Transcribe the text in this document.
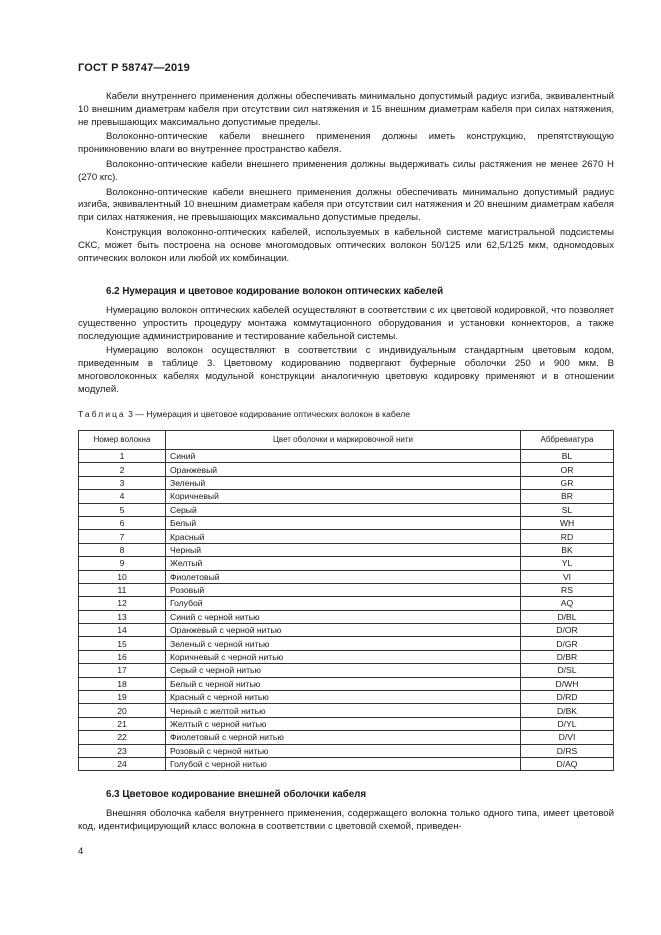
ГОСТ Р 58747—2019

Кабели внутреннего применения должны обеспечивать минимально допустимый радиус изгиба, эквивалентный 10 внешним диаметрам кабеля при отсутствии сил натяжения и 15 внешним диаметрам кабеля при силах натяжения, не превышающих максимально допустимые пределы.

Волоконно-оптические кабели внешнего применения должны иметь конструкцию, препятствующую проникновению влаги во внутреннее пространство кабеля.

Волоконно-оптические кабели внешнего применения должны выдерживать силы растяжения не менее 2670 Н (270 кгс).

Волоконно-оптические кабели внешнего применения должны обеспечивать минимально допустимый радиус изгиба, эквивалентный 10 внешним диаметрам кабеля при отсутствии сил натяжения и 20 внешним диаметрам кабеля при силах натяжения, не превышающих максимально допустимые пределы.

Конструкция волоконно-оптических кабелей, используемых в кабельной системе магистральной подсистемы СКС, может быть построена на основе многомодовых оптических волокон 50/125 или 62,5/125 мкм, одномодовых оптических волокон или любой их комбинации.

6.2 Нумерация и цветовое кодирование волокон оптических кабелей

Нумерацию волокон оптических кабелей осуществляют в соответствии с их цветовой кодировкой, что позволяет существенно упростить процедуру монтажа коммутационного оборудования и установки коннекторов, а также последующие администрирование и тестирование кабельной системы.

Нумерацию волокон осуществляют в соответствии с индивидуальным стандартным цветовым кодом, приведенным в таблице 3. Цветовому кодированию подвергают буферные оболочки 250 и 900 мкм. В многоволоконных кабелях модульной конструкции аналогичную цветовую кодировку применяют и в отношении модулей.

Таблица 3 — Нумерация и цветовое кодирование оптических волокон в кабеле
Номер волокна	Цвет оболочки и маркировочной нити	Аббревиатура
1	Синий	BL
2	Оранжевый	OR
3	Зеленый	GR
4	Коричневый	BR
5	Серый	SL
6	Белый	WH
7	Красный	RD
8	Черный	BK
9	Желтый	YL
10	Фиолетовый	VI
11	Розовый	RS
12	Голубой	AQ
13	Синий с черной нитью	D/BL
14	Оранжевый с черной нитью	D/OR
15	Зеленый с черной нитью	D/GR
16	Коричневый с черной нитью	D/BR
17	Серый с черной нитью	D/SL
18	Белый с черной нитью	D/WH
19	Красный с черной нитью	D/RD
20	Черный с желтой нитью	D/BK
21	Желтый с черной нитью	D/YL
22	Фиолетовый с черной нитью	D/VI
23	Розовый с черной нитью	D/RS
24	Голубой с черной нитью	D/AQ
6.3 Цветовое кодирование внешней оболочки кабеля

Внешняя оболочка кабеля внутреннего применения, содержащего волокна только одного типа, имеет цветовой код, идентифицирующий класс волокна в соответствии с цветовой схемой, приведен-

4
